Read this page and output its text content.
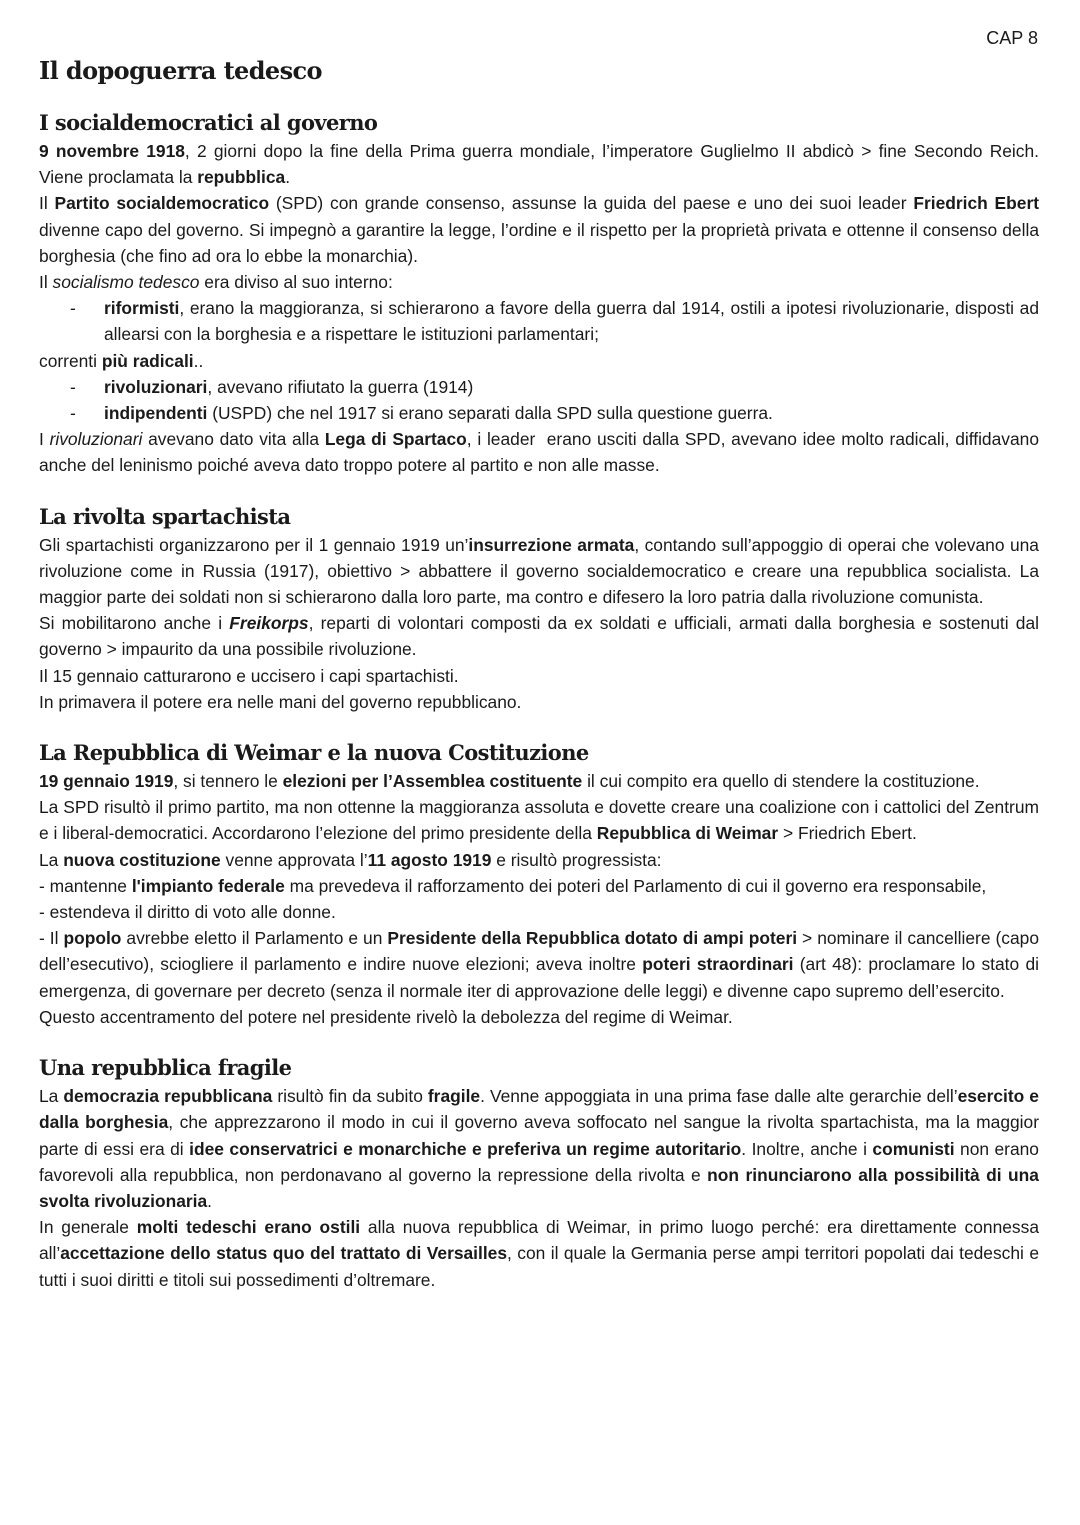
CAP 8
Il dopoguerra tedesco
I socialdemocratici al governo

9 novembre 1918, 2 giorni dopo la fine della Prima guerra mondiale, l’imperatore Guglielmo II abdicò > fine Secondo Reich. Viene proclamata la repubblica.

Il Partito socialdemocratico (SPD) con grande consenso, assunse la guida del paese e uno dei suoi leader Friedrich Ebert divenne capo del governo. Si impegnò a garantire la legge, l’ordine e il rispetto per la proprietà privata e ottenne il consenso della borghesia (che fino ad ora lo ebbe la monarchia).

Il socialismo tedesco era diviso al suo interno:

- riformisti, erano la maggioranza, si schierarono a favore della guerra dal 1914, ostili a ipotesi rivoluzionarie, disposti ad allearsi con la borghesia e a rispettare le istituzioni parlamentari;

correnti più radicali..

- rivoluzionari, avevano rifiutato la guerra (1914)
- indipendenti (USPD) che nel 1917 si erano separati dalla SPD sulla questione guerra.

I rivoluzionari avevano dato vita alla Lega di Spartaco, i leader  erano usciti dalla SPD, avevano idee molto radicali, diffidavano anche del leninismo poiché aveva dato troppo potere al partito e non alle masse.

La rivolta spartachista

Gli spartachisti organizzarono per il 1 gennaio 1919 un’insurrezione armata, contando sull’appoggio di operai che volevano una rivoluzione come in Russia (1917), obiettivo > abbattere il governo socialdemocratico e creare una repubblica socialista. La maggior parte dei soldati non si schierarono dalla loro parte, ma contro e difesero la loro patria dalla rivoluzione comunista.

Si mobilitarono anche i Freikorps, reparti di volontari composti da ex soldati e ufficiali, armati dalla borghesia e sostenuti dal governo > impaurito da una possibile rivoluzione.

Il 15 gennaio catturarono e uccisero i capi spartachisti.

In primavera il potere era nelle mani del governo repubblicano.

La Repubblica di Weimar e la nuova Costituzione

19 gennaio 1919, si tennero le elezioni per l’Assemblea costituente il cui compito era quello di stendere la costituzione.

La SPD risultò il primo partito, ma non ottenne la maggioranza assoluta e dovette creare una coalizione con i cattolici del Zentrum e i liberal-democratici. Accordarono l’elezione del primo presidente della Repubblica di Weimar > Friedrich Ebert.

La nuova costituzione venne approvata l’11 agosto 1919 e risultò progressista:

- mantenne l'impianto federale ma prevedeva il rafforzamento dei poteri del Parlamento di cui il governo era responsabile,

- estendeva il diritto di voto alle donne.

- Il popolo avrebbe eletto il Parlamento e un Presidente della Repubblica dotato di ampi poteri > nominare il cancelliere (capo dell’esecutivo), sciogliere il parlamento e indire nuove elezioni; aveva inoltre poteri straordinari (art 48): proclamare lo stato di emergenza, di governare per decreto (senza il normale iter di approvazione delle leggi) e divenne capo supremo dell’esercito.

Questo accentramento del potere nel presidente rivelò la debolezza del regime di Weimar.

Una repubblica fragile

La democrazia repubblicana risultò fin da subito fragile. Venne appoggiata in una prima fase dalle alte gerarchie dell’esercito e dalla borghesia, che apprezzarono il modo in cui il governo aveva soffocato nel sangue la rivolta spartachista, ma la maggior parte di essi era di idee conservatrici e monarchiche e preferiva un regime autoritario. Inoltre, anche i comunisti non erano favorevoli alla repubblica, non perdonavano al governo la repressione della rivolta e non rinunciarono alla possibilità di una svolta rivoluzionaria.

In generale molti tedeschi erano ostili alla nuova repubblica di Weimar, in primo luogo perché: era direttamente connessa all’accettazione dello status quo del trattato di Versailles, con il quale la Germania perse ampi territori popolati dai tedeschi e tutti i suoi diritti e titoli sui possedimenti d’oltremare.
